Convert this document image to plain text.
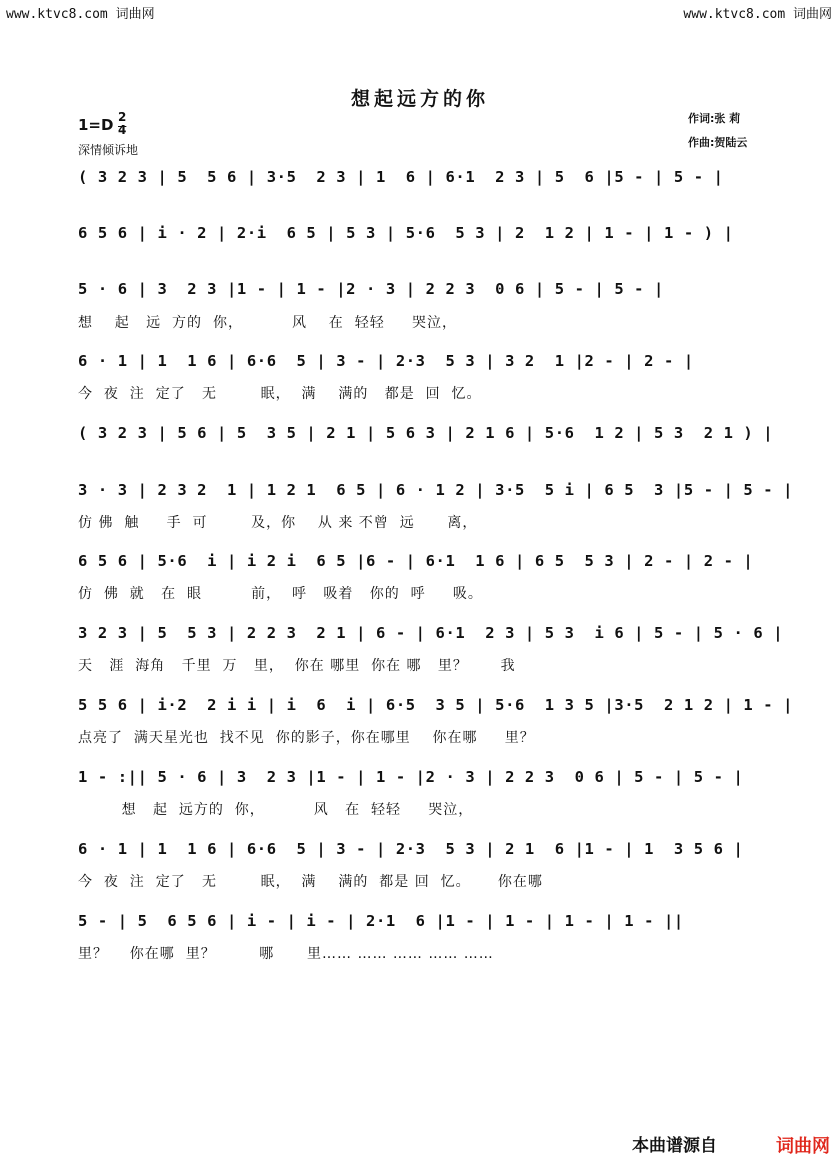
www.ktvc8.com 词曲网	www.ktvc8.com 词曲网
想起远方的你
1=D 2
4
深情倾诉地
作词:张 莉
作曲:贺陆云
( 3 2 3 | 5  5 6 | 3·5  2 3 | 1  6 | 6·1  2 3 | 5  6 |5 - | 5 - |
6 5 6 | i · 2 | 2·i  6 5 | 5 3 | 5·6  5 3 | 2  1 2 | 1 - | 1 - ) |
5 · 6 | 3  2 3 |1 - | 1 - |2 · 3 | 2 2 3  0 6 | 5 - | 5 - |
想    起   远  方的  你，         风    在  轻轻     哭泣，
6 · 1 | 1  1 6 | 6·6  5 | 3 - | 2·3  5 3 | 3 2  1 |2 - | 2 - |
今  夜  注  定了   无        眠，  满    满的   都是  回  忆。
( 3 2 3 | 5 6 | 5  3 5 | 2 1 | 5 6 3 | 2 1 6 | 5·6  1 2 | 5 3  2 1 ) |
3 · 3 | 2 3 2  1 | 1 2 1  6 5 | 6 · 1 2 | 3·5  5 i | 6 5  3 |5 - | 5 - |
仿 佛  触     手  可        及，你    从 来 不曾  远      离，
6 5 6 | 5·6  i | i 2 i  6 5 |6 - | 6·1  1 6 | 6 5  5 3 | 2 - | 2 - |
仿  佛  就   在  眼         前，  呼   吸着   你的  呼     吸。
3 2 3 | 5  5 3 | 2 2 3  2 1 | 6 - | 6·1  2 3 | 5 3  i 6 | 5 - | 5 · 6 |
天   涯  海角   千里  万   里，  你在 哪里  你在 哪   里？      我
5 5 6 | i·2  2 i i | i  6  i | 6·5  3 5 | 5·6  1 3 5 |3·5  2 1 2 | 1 - |
点亮了  满天星光也  找不见  你的影子，你在哪里    你在哪     里？
1 - :|| 5 · 6 | 3  2 3 |1 - | 1 - |2 · 3 | 2 2 3  0 6 | 5 - | 5 - |
想   起  远方的  你，         风   在  轻轻     哭泣，
6 · 1 | 1  1 6 | 6·6  5 | 3 - | 2·3  5 3 | 2 1  6 |1 - | 1  3 5 6 |
今  夜  注  定了   无        眠，  满    满的  都是 回  忆。     你在哪
5 - | 5  6 5 6 | i - | i - | 2·1  6 |1 - | 1 - | 1 - | 1 - ||
里？    你在哪  里？        哪      里…… …… …… …… ……
本曲谱源自	词曲网
